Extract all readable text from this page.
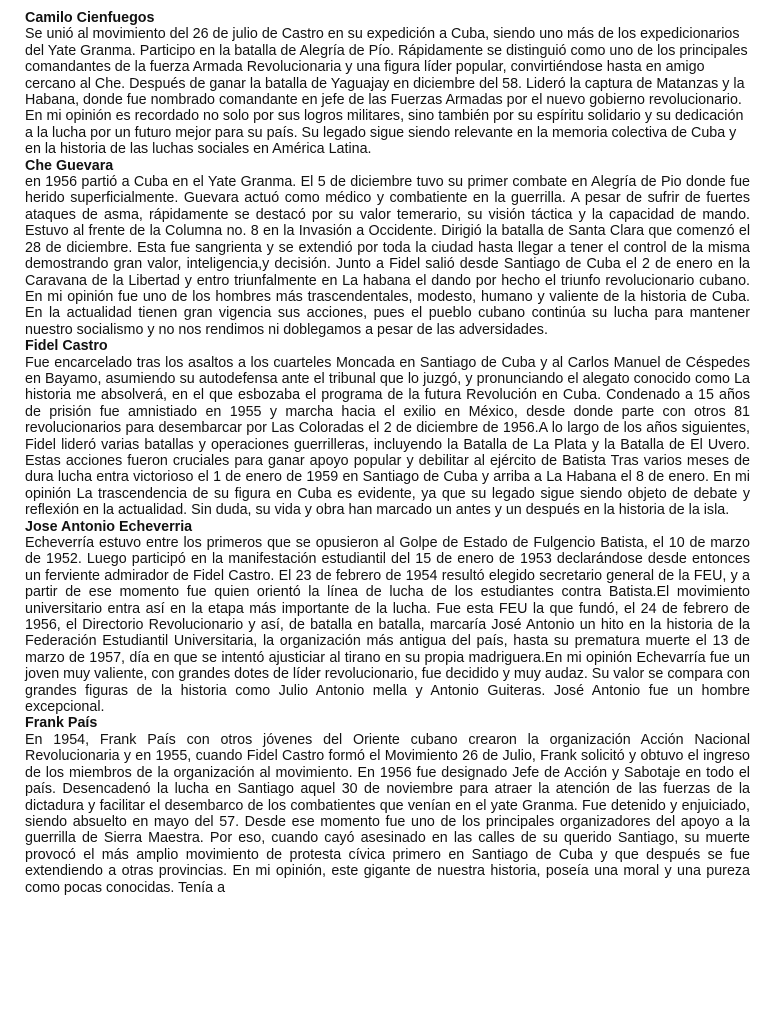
Camilo Cienfuegos

Se unió al movimiento del 26 de julio de Castro en su expedición a Cuba, siendo uno más de los expedicionarios del Yate Granma. Participo en la batalla de Alegría de Pío. Rápidamente se distinguió como uno de los principales comandantes de la fuerza Armada Revolucionaria y una figura líder popular, convirtiéndose hasta en amigo cercano al Che. Después de ganar la batalla de Yaguajay en diciembre del 58. Lideró la captura de Matanzas y la Habana, donde fue nombrado comandante en jefe de las Fuerzas Armadas por el nuevo gobierno revolucionario. En mi opinión es recordado no solo por sus logros militares, sino también por su espíritu solidario y su dedicación a la lucha por un futuro mejor para su país. Su legado sigue siendo relevante en la memoria colectiva de Cuba y en la historia de las luchas sociales en América Latina.

Che Guevara

en 1956 partió a Cuba en el Yate Granma. El 5 de diciembre tuvo su primer combate en Alegría de Pio donde fue herido superficialmente. Guevara actuó como médico y combatiente en la guerrilla. A pesar de sufrir de fuertes ataques de asma, rápidamente se destacó por su valor temerario, su visión táctica y la capacidad de mando. Estuvo al frente de la Columna no. 8 en la Invasión a Occidente. Dirigió la batalla de Santa Clara que comenzó el 28 de diciembre. Esta fue sangrienta y se extendió por toda la ciudad hasta llegar a tener el control de la misma demostrando gran valor, inteligencia,y decisión. Junto a Fidel salió desde Santiago de Cuba el 2 de enero en la Caravana de la Libertad y entro triunfalmente en La habana el dando por hecho el triunfo revolucionario cubano. En mi opinión fue uno de los hombres más trascendentales, modesto, humano y valiente de la historia de Cuba. En la actualidad tienen gran vigencia sus acciones, pues el pueblo cubano continúa su lucha para mantener nuestro socialismo y no nos rendimos ni doblegamos a pesar de las adversidades.

Fidel Castro

Fue encarcelado tras los asaltos a los cuarteles Moncada en Santiago de Cuba y al Carlos Manuel de Céspedes en Bayamo, asumiendo su autodefensa ante el tribunal que lo juzgó, y pronunciando el alegato conocido como La historia me absolverá, en el que esbozaba el programa de la futura Revolución en Cuba. Condenado a 15 años de prisión fue amnistiado en 1955 y marcha hacia el exilio en México, desde donde parte con otros 81 revolucionarios para desembarcar por Las Coloradas el 2 de diciembre de 1956.A lo largo de los años siguientes, Fidel lideró varias batallas y operaciones guerrilleras, incluyendo la Batalla de La Plata y la Batalla de El Uvero. Estas acciones fueron cruciales para ganar apoyo popular y debilitar al ejército de Batista Tras varios meses de dura lucha entra victorioso el 1 de enero de 1959 en Santiago de Cuba y arriba a La Habana el 8 de enero. En mi opinión La trascendencia de su figura en Cuba es evidente, ya que su legado sigue siendo objeto de debate y reflexión en la actualidad. Sin duda, su vida y obra han marcado un antes y un después en la historia de la isla.

Jose Antonio Echeverria

Echeverría estuvo entre los primeros que se opusieron al Golpe de Estado de Fulgencio Batista, el 10 de marzo de 1952. Luego participó en la manifestación estudiantil del 15 de enero de 1953 declarándose desde entonces un ferviente admirador de Fidel Castro. El 23 de febrero de 1954 resultó elegido secretario general de la FEU, y a partir de ese momento fue quien orientó la línea de lucha de los estudiantes contra Batista.El movimiento universitario entra así en la etapa más importante de la lucha. Fue esta FEU la que fundó, el 24 de febrero de 1956, el Directorio Revolucionario y así, de batalla en batalla, marcaría José Antonio un hito en la historia de la Federación Estudiantil Universitaria, la organización más antigua del país, hasta su prematura muerte el 13 de marzo de 1957, día en que se intentó ajusticiar al tirano en su propia madriguera.En mi opinión Echevarría fue un joven muy valiente, con grandes dotes de líder revolucionario, fue decidido y muy audaz. Su valor se compara con grandes figuras de la historia como Julio Antonio mella y Antonio Guiteras. José Antonio fue un hombre excepcional.

Frank País

En 1954, Frank País con otros jóvenes del Oriente cubano crearon la organización Acción Nacional Revolucionaria y en 1955, cuando Fidel Castro formó el Movimiento 26 de Julio, Frank solicitó y obtuvo el ingreso de los miembros de la organización al movimiento. En 1956 fue designado Jefe de Acción y Sabotaje en todo el país. Desencadenó la lucha en Santiago aquel 30 de noviembre para atraer la atención de las fuerzas de la dictadura y facilitar el desembarco de los combatientes que venían en el yate Granma. Fue detenido y enjuiciado, siendo absuelto en mayo del 57. Desde ese momento fue uno de los principales organizadores del apoyo a la guerrilla de Sierra Maestra. Por eso, cuando cayó asesinado en las calles de su querido Santiago, su muerte provocó el más amplio movimiento de protesta cívica primero en Santiago de Cuba y que después se fue extendiendo a otras provincias. En mi opinión, este gigante de nuestra historia, poseía una moral y una pureza como pocas conocidas. Tenía a
